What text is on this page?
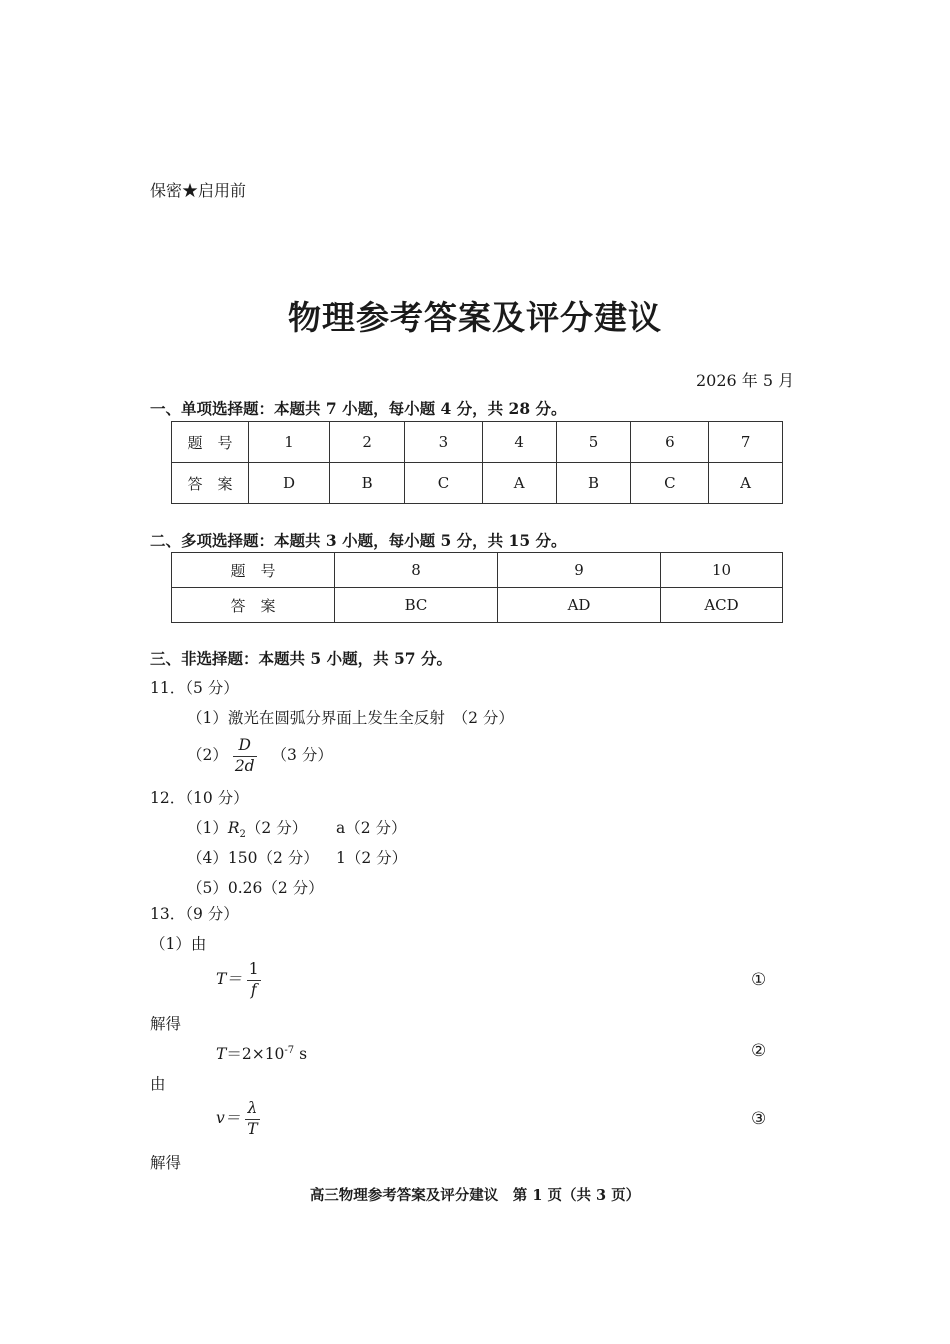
保密★启用前
物理参考答案及评分建议
2026 年 5 月
一、单项选择题：本题共 7 小题，每小题 4 分，共 28 分。
题　号	1	2	3	4	5	6	7
答　案	D	B	C	A	B	C	A
二、多项选择题：本题共 3 小题，每小题 5 分，共 15 分。
题　号	8	9	10
答　案	BC	AD	ACD
三、非选择题：本题共 5 小题，共 57 分。
11．（5 分）
（1）激光在圆弧分界面上发生全反射　（2 分）
$(2) \frac{D}{2d} (3$ 分）
12．（10 分）
$(1)R_2(2$ 分） a（2 分）
（4）150（2 分） 1（2 分）
（5）0.26（2 分）
13．（9 分）
（1）由
$T= \frac{1}{f}$	①
解得
$T=2\times 10^{-7}$ s	②
由
$v= \frac{\lambda}{T}$	③
解得
高三物理参考答案及评分建议　第 1 页（共 3 页）
